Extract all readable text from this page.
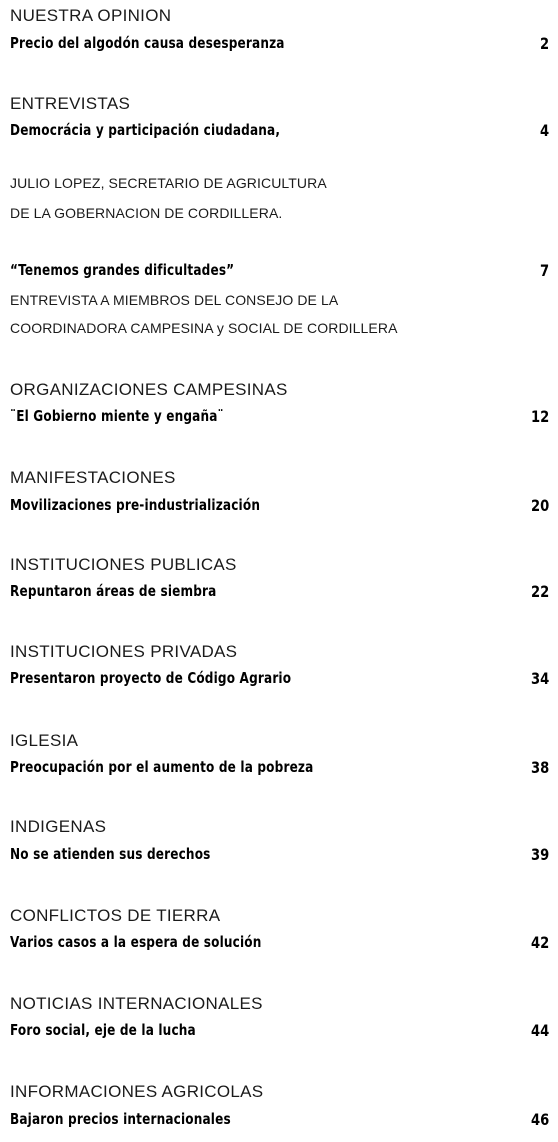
NUESTRA OPINION
Precio del algodón causa desesperanza	2
ENTREVISTAS
Democrácia y participación ciudadana,	4
JULIO LOPEZ, SECRETARIO DE AGRICULTURA
DE LA GOBERNACION DE CORDILLERA.
“Tenemos grandes dificultades”	7
ENTREVISTA A MIEMBROS DEL CONSEJO DE LA
COORDINADORA CAMPESINA y SOCIAL DE CORDILLERA
ORGANIZACIONES CAMPESINAS
¨El Gobierno miente y engaña¨	12
MANIFESTACIONES
Movilizaciones pre-industrialización	20
INSTITUCIONES PUBLICAS
Repuntaron áreas de siembra	22
INSTITUCIONES PRIVADAS
Presentaron proyecto de Código Agrario	34
IGLESIA
Preocupación por el aumento de la pobreza	38
INDIGENAS
No se atienden sus derechos	39
CONFLICTOS DE TIERRA
Varios casos a la espera de solución	42
NOTICIAS INTERNACIONALES
Foro social, eje de la lucha	44
INFORMACIONES AGRICOLAS
Bajaron precios internacionales	46
